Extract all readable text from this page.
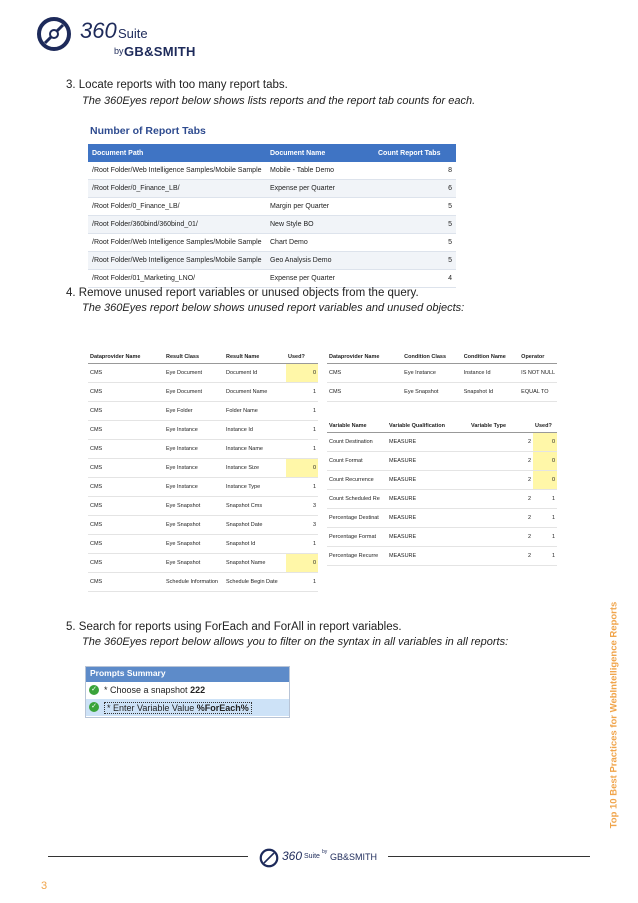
360 Suite
by GB&SMITH
3. Locate reports with too many report tabs.
The 360Eyes report below shows lists reports and the report tab counts for each.
Number of Report Tabs
Document Path	Document Name	Count Report Tabs
/Root Folder/Web Intelligence Samples/Mobile Sample	Mobile - Table Demo	8
/Root Folder/0_Finance_LB/	Expense per Quarter	6
/Root Folder/0_Finance_LB/	Margin per Quarter	5
/Root Folder/360bind/360bind_01/	New Style BO	5
/Root Folder/Web Intelligence Samples/Mobile Sample	Chart Demo	5
/Root Folder/Web Intelligence Samples/Mobile Sample	Geo Analysis Demo	5
/Root Folder/01_Marketing_LNO/	Expense per Quarter	4
4. Remove unused report variables or unused objects from the query.
The 360Eyes report below shows unused report variables and unused objects:
Dataprovider Name	Result Class	Result Name	Used?
CMS	Eye Document	Document Id	0
CMS	Eye Document	Document Name	1
CMS	Eye Folder	Folder Name	1
CMS	Eye Instance	Instance Id	1
CMS	Eye Instance	Instance Name	1
CMS	Eye Instance	Instance Size	0
CMS	Eye Instance	Instance Type	1
CMS	Eye Snapshot	Snapshot Cms	3
CMS	Eye Snapshot	Snapshot Date	3
CMS	Eye Snapshot	Snapshot Id	1
CMS	Eye Snapshot	Snapshot Name	0
CMS	Schedule Information	Schedule Begin Date	1
Dataprovider Name	Condition Class	Condition Name	Operator
CMS	Eye Instance	Instance Id	IS NOT NULL
CMS	Eye Snapshot	Snapshot Id	EQUAL TO
Variable Name	Variable Qualification	Variable Type	Used?
Count Destination	MEASURE	2	0
Count Format	MEASURE	2	0
Count Recurrence	MEASURE	2	0
Count Scheduled Re	MEASURE	2	1
Percentage Destinat	MEASURE	2	1
Percentage Format	MEASURE	2	1
Percentage Recurre	MEASURE	2	1
5. Search for reports using ForEach and ForAll in report variables.
The 360Eyes report below allows you to filter on the syntax in all variables in all reports:
Prompts Summary
✓ * Choose a snapshot 222
✓	* Enter Variable Value %ForEach%	Top 10 Best Practices for WebIntelligence Reports
360 Suite
by GB&SMITH
3
